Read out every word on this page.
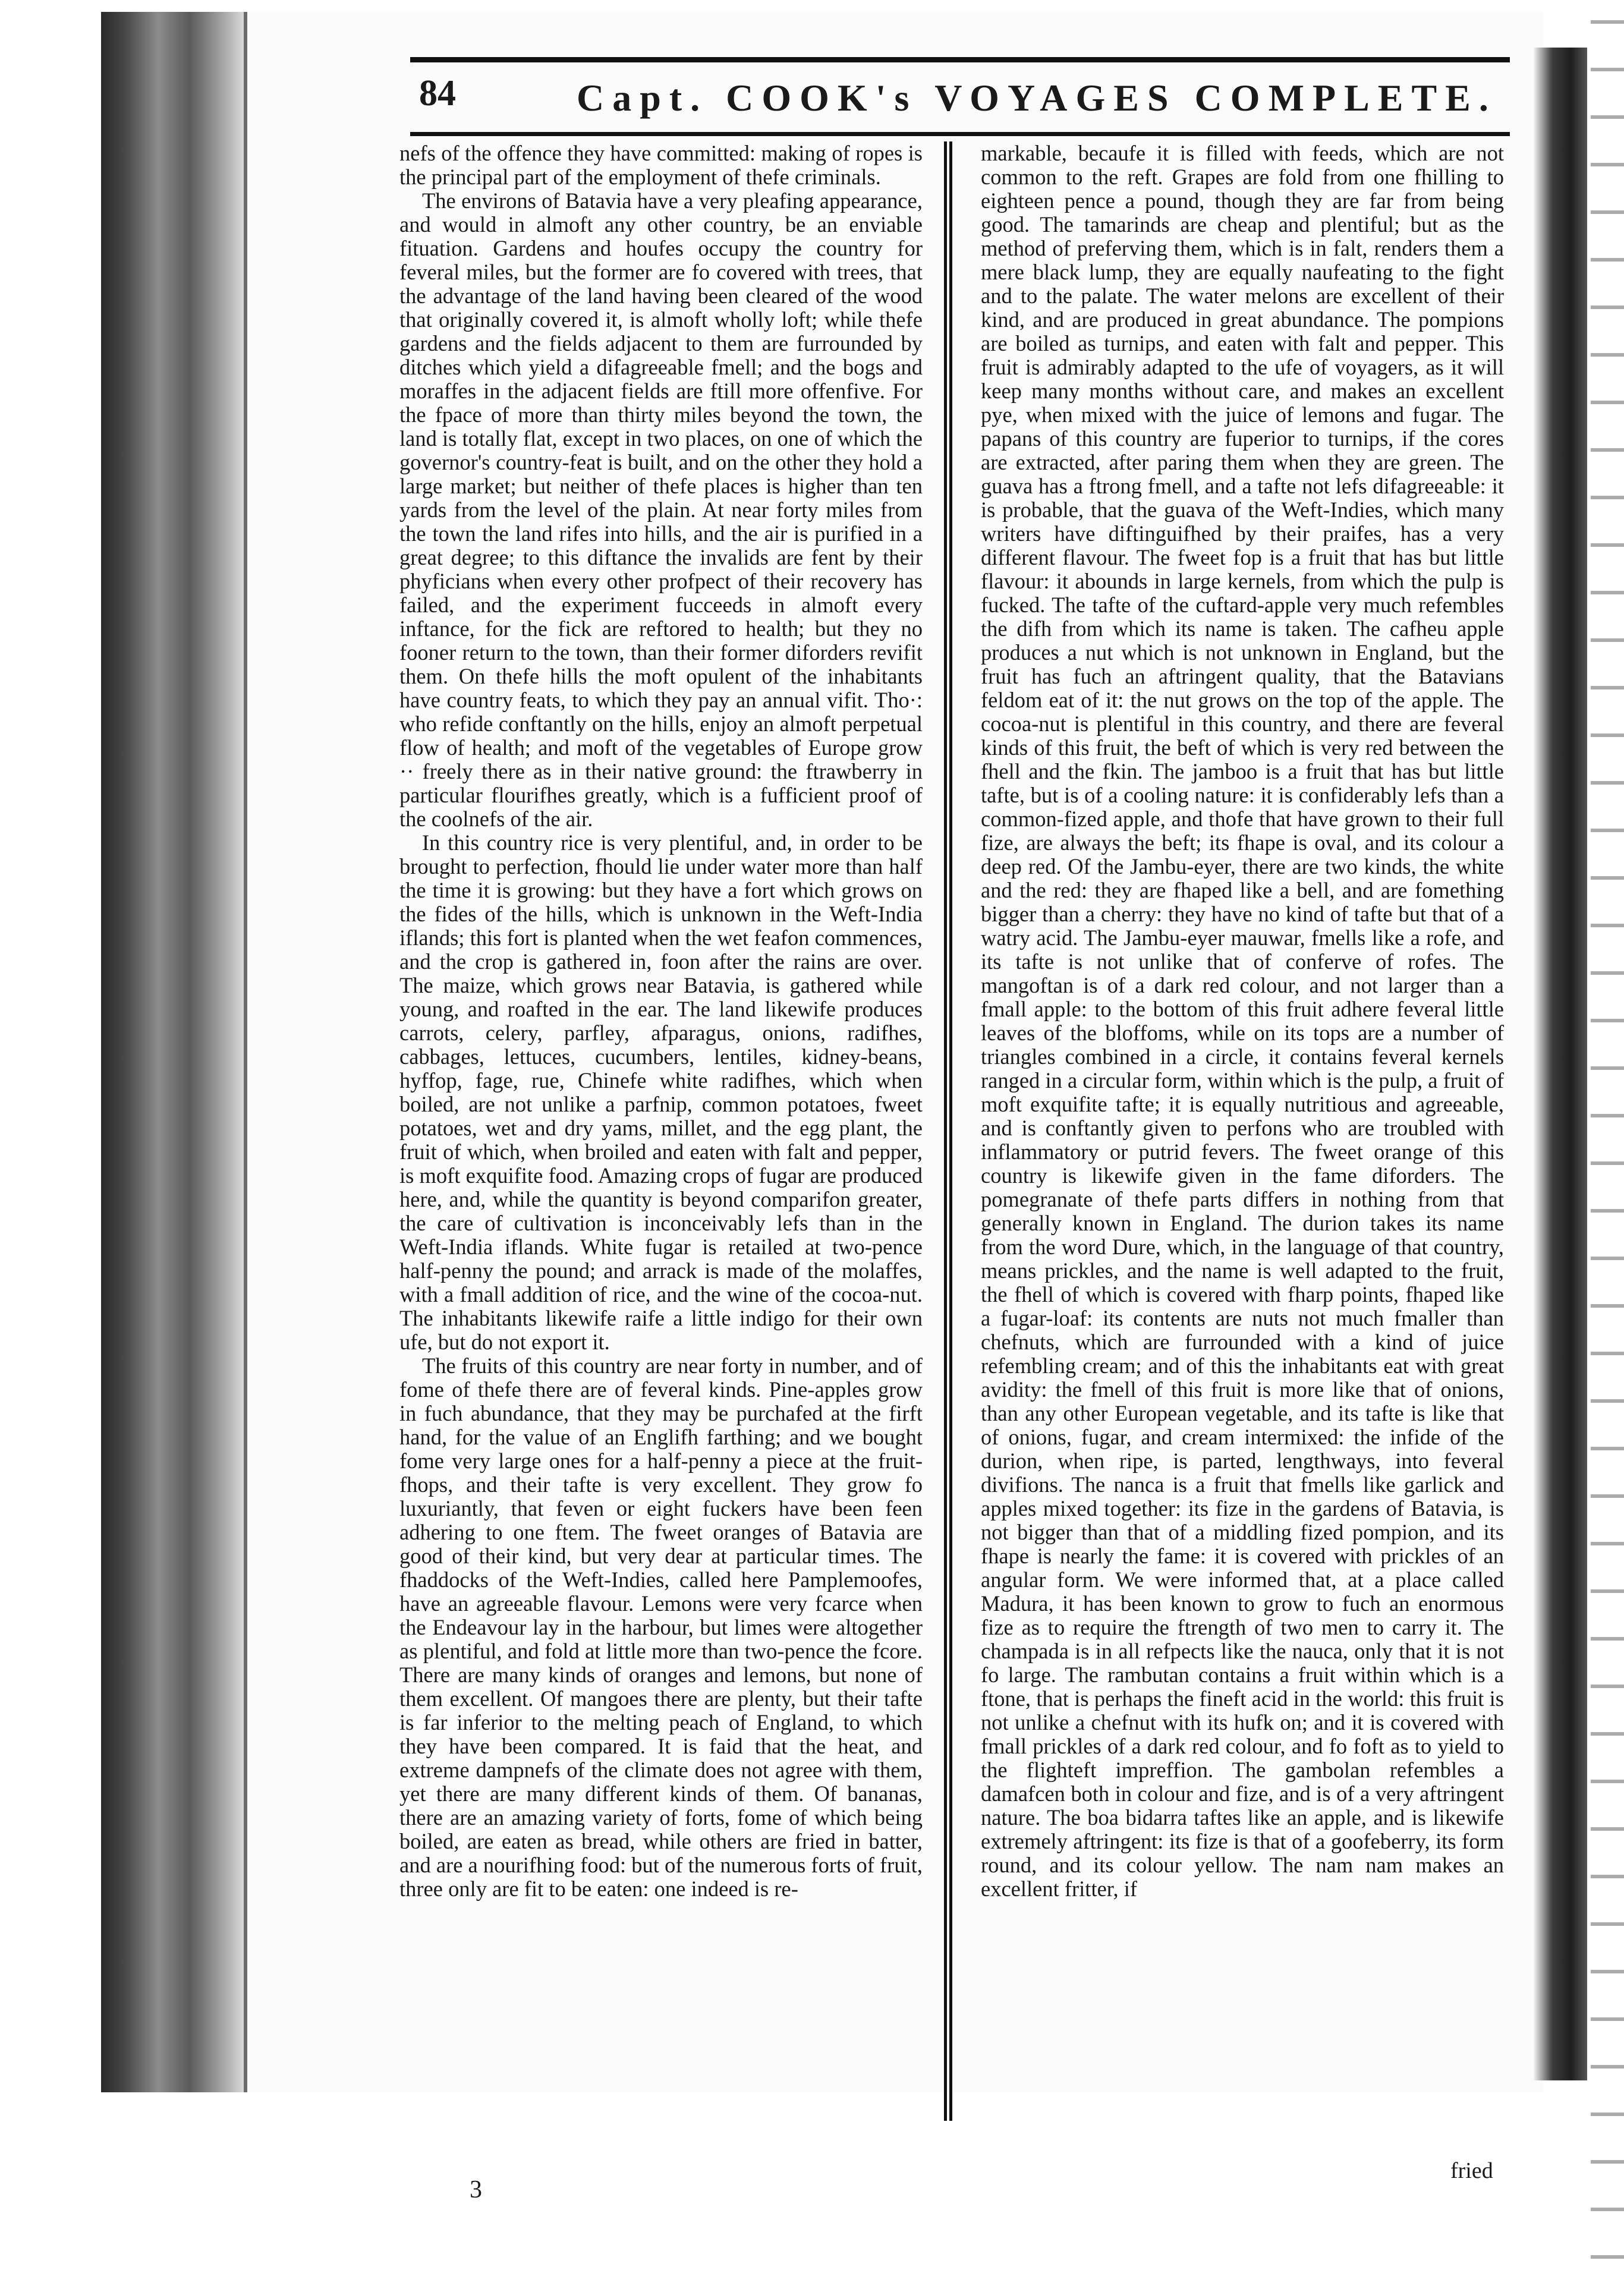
84	Capt. COOK's VOYAGES COMPLETE.

nefs of the offence they have committed: making of ropes is the principal part of the employment of thefe criminals.

The environs of Batavia have a very pleafing appearance, and would in almoft any other country, be an enviable fituation. Gardens and houfes occupy the country for feveral miles, but the former are fo covered with trees, that the advantage of the land having been cleared of the wood that originally covered it, is almoft wholly loft; while thefe gardens and the fields adjacent to them are furrounded by ditches which yield a difagreeable fmell; and the bogs and moraffes in the adjacent fields are ftill more offenfive. For the fpace of more than thirty miles beyond the town, the land is totally flat, except in two places, on one of which the governor's country-feat is built, and on the other they hold a large market; but neither of thefe places is higher than ten yards from the level of the plain. At near forty miles from the town the land rifes into hills, and the air is purified in a great degree; to this diftance the invalids are fent by their phyficians when every other profpect of their recovery has failed, and the experiment fucceeds in almoft every inftance, for the fick are reftored to health; but they no fooner return to the town, than their former diforders revifit them. On thefe hills the moft opulent of the inhabitants have country feats, to which they pay an annual vifit. Tho·: who refide conftantly on the hills, enjoy an almoft perpetual flow of health; and moft of the vegetables of Europe grow ·· freely there as in their native ground: the ftrawberry in particular flourifhes greatly, which is a fufficient proof of the coolnefs of the air.

In this country rice is very plentiful, and, in order to be brought to perfection, fhould lie under water more than half the time it is growing: but they have a fort which grows on the fides of the hills, which is unknown in the Weft-India iflands; this fort is planted when the wet feafon commences, and the crop is gathered in, foon after the rains are over. The maize, which grows near Batavia, is gathered while young, and roafted in the ear. The land likewife produces carrots, celery, parfley, afparagus, onions, radifhes, cabbages, lettuces, cucumbers, lentiles, kidney-beans, hyffop, fage, rue, Chinefe white radifhes, which when boiled, are not unlike a parfnip, common potatoes, fweet potatoes, wet and dry yams, millet, and the egg plant, the fruit of which, when broiled and eaten with falt and pepper, is moft exquifite food. Amazing crops of fugar are produced here, and, while the quantity is beyond comparifon greater, the care of cultivation is inconceivably lefs than in the Weft-India iflands. White fugar is retailed at two-pence half-penny the pound; and arrack is made of the molaffes, with a fmall addition of rice, and the wine of the cocoa-nut. The inhabitants likewife raife a little indigo for their own ufe, but do not export it.

The fruits of this country are near forty in number, and of fome of thefe there are of feveral kinds. Pine-apples grow in fuch abundance, that they may be purchafed at the firft hand, for the value of an Englifh farthing; and we bought fome very large ones for a half-penny a piece at the fruit-fhops, and their tafte is very excellent. They grow fo luxuriantly, that feven or eight fuckers have been feen adhering to one ftem. The fweet oranges of Batavia are good of their kind, but very dear at particular times. The fhaddocks of the Weft-Indies, called here Pamplemoofes, have an agreeable flavour. Lemons were very fcarce when the Endeavour lay in the harbour, but limes were altogether as plentiful, and fold at little more than two-pence the fcore. There are many kinds of oranges and lemons, but none of them excellent. Of mangoes there are plenty, but their tafte is far inferior to the melting peach of England, to which they have been compared. It is faid that the heat, and extreme dampnefs of the climate does not agree with them, yet there are many different kinds of them. Of bananas, there are an amazing variety of forts, fome of which being boiled, are eaten as bread, while others are fried in batter, and are a nourifhing food: but of the numerous forts of fruit, three only are fit to be eaten: one indeed is re-

markable, becaufe it is filled with feeds, which are not common to the reft. Grapes are fold from one fhilling to eighteen pence a pound, though they are far from being good. The tamarinds are cheap and plentiful; but as the method of preferving them, which is in falt, renders them a mere black lump, they are equally naufeating to the fight and to the palate. The water melons are excellent of their kind, and are produced in great abundance. The pompions are boiled as turnips, and eaten with falt and pepper. This fruit is admirably adapted to the ufe of voyagers, as it will keep many months without care, and makes an excellent pye, when mixed with the juice of lemons and fugar. The papans of this country are fuperior to turnips, if the cores are extracted, after paring them when they are green. The guava has a ftrong fmell, and a tafte not lefs difagreeable: it is probable, that the guava of the Weft-Indies, which many writers have diftinguifhed by their praifes, has a very different flavour. The fweet fop is a fruit that has but little flavour: it abounds in large kernels, from which the pulp is fucked. The tafte of the cuftard-apple very much refembles the difh from which its name is taken. The cafheu apple produces a nut which is not unknown in England, but the fruit has fuch an aftringent quality, that the Batavians feldom eat of it: the nut grows on the top of the apple. The cocoa-nut is plentiful in this country, and there are feveral kinds of this fruit, the beft of which is very red between the fhell and the fkin. The jamboo is a fruit that has but little tafte, but is of a cooling nature: it is confiderably lefs than a common-fized apple, and thofe that have grown to their full fize, are always the beft; its fhape is oval, and its colour a deep red. Of the Jambu-eyer, there are two kinds, the white and the red: they are fhaped like a bell, and are fomething bigger than a cherry: they have no kind of tafte but that of a watry acid. The Jambu-eyer mauwar, fmells like a rofe, and its tafte is not unlike that of conferve of rofes. The mangoftan is of a dark red colour, and not larger than a fmall apple: to the bottom of this fruit adhere feveral little leaves of the bloffoms, while on its tops are a number of triangles combined in a circle, it contains feveral kernels ranged in a circular form, within which is the pulp, a fruit of moft exquifite tafte; it is equally nutritious and agreeable, and is conftantly given to perfons who are troubled with inflammatory or putrid fevers. The fweet orange of this country is likewife given in the fame diforders. The pomegranate of thefe parts differs in nothing from that generally known in England. The durion takes its name from the word Dure, which, in the language of that country, means prickles, and the name is well adapted to the fruit, the fhell of which is covered with fharp points, fhaped like a fugar-loaf: its contents are nuts not much fmaller than chefnuts, which are furrounded with a kind of juice refembling cream; and of this the inhabitants eat with great avidity: the fmell of this fruit is more like that of onions, than any other European vegetable, and its tafte is like that of onions, fugar, and cream intermixed: the infide of the durion, when ripe, is parted, lengthways, into feveral divifions. The nanca is a fruit that fmells like garlick and apples mixed together: its fize in the gardens of Batavia, is not bigger than that of a middling fized pompion, and its fhape is nearly the fame: it is covered with prickles of an angular form. We were informed that, at a place called Madura, it has been known to grow to fuch an enormous fize as to require the ftrength of two men to carry it. The champada is in all refpects like the nauca, only that it is not fo large. The rambutan contains a fruit within which is a ftone, that is perhaps the fineft acid in the world: this fruit is not unlike a chefnut with its hufk on; and it is covered with fmall prickles of a dark red colour, and fo foft as to yield to the flighteft impreffion. The gambolan refembles a damafcen both in colour and fize, and is of a very aftringent nature. The boa bidarra taftes like an apple, and is likewife extremely aftringent: its fize is that of a goofeberry, its form round, and its colour yellow. The nam nam makes an excellent fritter, if

3
fried
